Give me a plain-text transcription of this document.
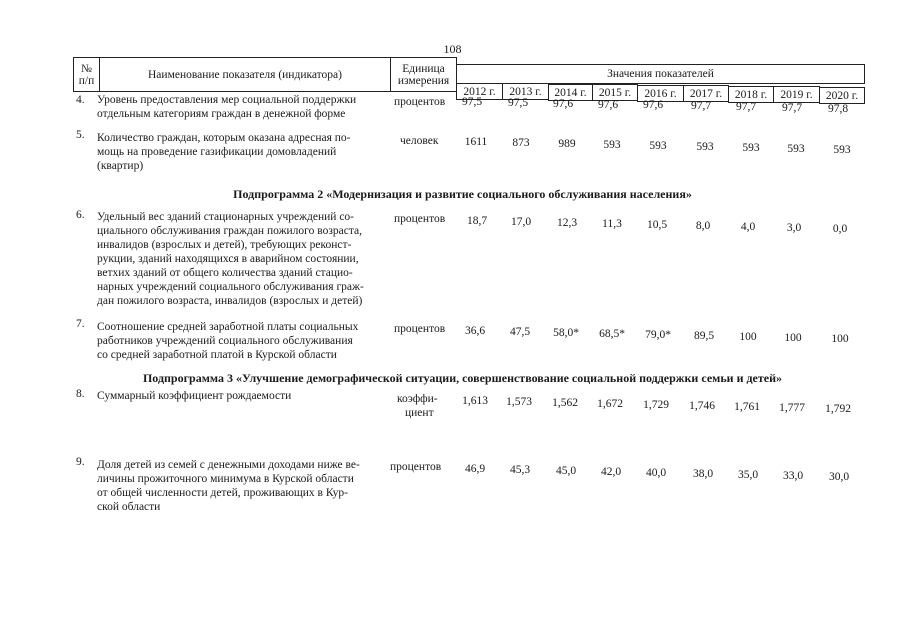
108
№
п/п	Наименование показателя (индикатора)	Единица
измерения
Значения показателей
2012 г. 2013 г. 2014 г. 2015 г. 2016 г. 2017 г. 2018 г. 2019 г. 2020 г.
4. Уровень предоставления мер социальной поддержки
отдельным категориям граждан в денежной форме
процентов	97,5	97,5	97,6	97,6	97,6	97,7	97,7	97,7	97,8
5. Количество граждан, которым оказана адресная по-
мощь на проведение газификации домовладений
(квартир)
человек	1611	873	989	593	593	593	593	593	593
Подпрограмма 2 «Модернизация и развитие социального обслуживания населения»
6. Удельный вес зданий стационарных учреждений со-
циального обслуживания граждан пожилого возраста,
инвалидов (взрослых и детей), требующих реконст-
рукции, зданий находящихся в аварийном состоянии,
ветхих зданий от общего количества зданий стацио-
нарных учреждений социального обслуживания граж-
дан пожилого возраста, инвалидов (взрослых и детей)
процентов	18,7	17,0	12,3	11,3	10,5	8,0	4,0	3,0	0,0
7. Соотношение средней заработной платы социальных
работников учреждений социального обслуживания
со средней заработной платой в Курской области
процентов	36,6	47,5	58,0*	68,5*	79,0*	89,5	100	100	100
Подпрограмма 3 «Улучшение демографической ситуации, совершенствование социальной поддержки семьи и детей»
8. Суммарный коэффициент рождаемости	коэффи-
циент
1,613	1,573	1,562	1,672	1,729	1,746	1,761	1,777	1,792
9. Доля детей из семей с денежными доходами ниже ве-
личины прожиточного минимума в Курской области
от общей численности детей, проживающих в Кур-
ской области
процентов	46,9	45,3	45,0	42,0	40,0	38,0	35,0	33,0	30,0
